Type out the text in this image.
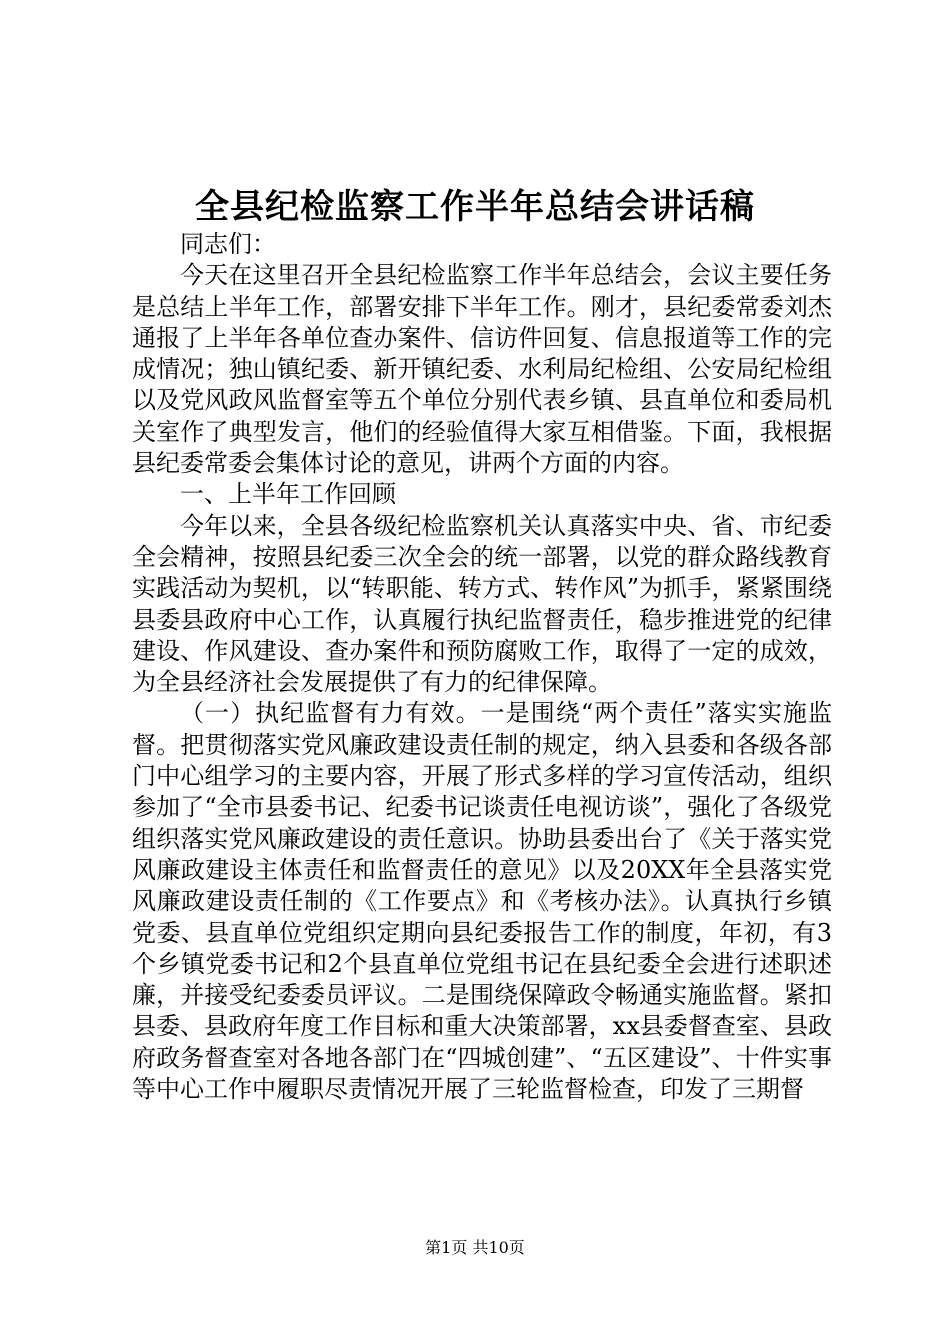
全县纪检监察工作半年总结会讲话稿

同志们：

今天在这里召开全县纪检监察工作半年总结会，会议主要任务是总结上半年工作，部署安排下半年工作。刚才，县纪委常委刘杰通报了上半年各单位查办案件、信访件回复、信息报道等工作的完成情况；独山镇纪委、新开镇纪委、水利局纪检组、公安局纪检组以及党风政风监督室等五个单位分别代表乡镇、县直单位和委局机关室作了典型发言，他们的经验值得大家互相借鉴。下面，我根据县纪委常委会集体讨论的意见，讲两个方面的内容。

一、上半年工作回顾

今年以来，全县各级纪检监察机关认真落实中央、省、市纪委全会精神，按照县纪委三次全会的统一部署，以党的群众路线教育实践活动为契机，以“转职能、转方式、转作风”为抓手，紧紧围绕县委县政府中心工作，认真履行执纪监督责任，稳步推进党的纪律建设、作风建设、查办案件和预防腐败工作，取得了一定的成效，为全县经济社会发展提供了有力的纪律保障。

（一）执纪监督有力有效。一是围绕“两个责任”落实实施监督。把贯彻落实党风廉政建设责任制的规定，纳入县委和各级各部门中心组学习的主要内容，开展了形式多样的学习宣传活动，组织参加了“全市县委书记、纪委书记谈责任电视访谈”，强化了各级党组织落实党风廉政建设的责任意识。协助县委出台了《关于落实党风廉政建设主体责任和监督责任的意见》以及20XX年全县落实党风廉政建设责任制的《工作要点》和《考核办法》。认真执行乡镇党委、县直单位党组织定期向县纪委报告工作的制度，年初，有3个乡镇党委书记和2个县直单位党组书记在县纪委全会进行述职述廉，并接受纪委委员评议。二是围绕保障政令畅通实施监督。紧扣县委、县政府年度工作目标和重大决策部署，xx县委督查室、县政府政务督查室对各地各部门在“四城创建”、“五区建设”、十件实事等中心工作中履职尽责情况开展了三轮监督检查，印发了三期督

第1页 共10页
